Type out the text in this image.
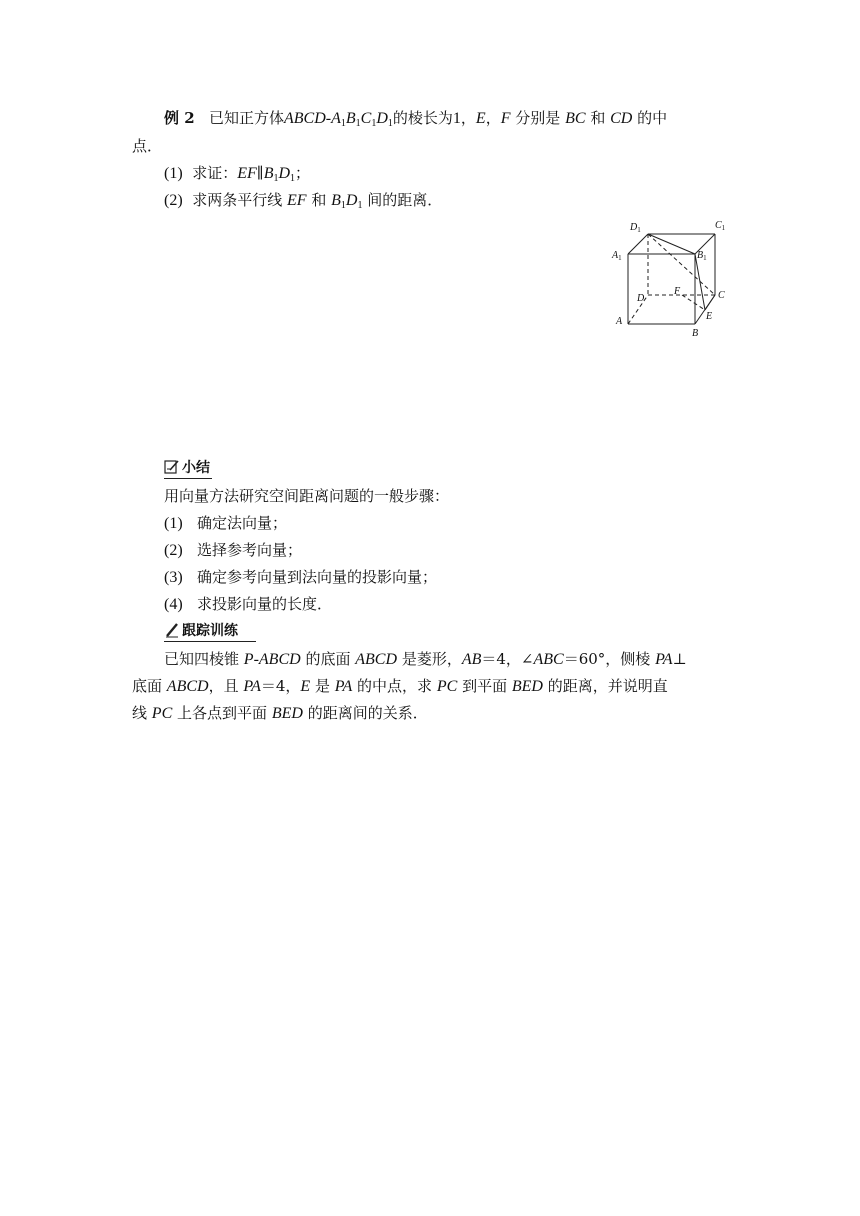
例 2 已知正方体ABCD-$A_1B_1C_1D_1$的棱长为1，E，F 分别是 BC 和 CD 的中
点．
(1) 求证：$EF\parallel B_1D_1$；
(2) 求两条平行线 EF 和 $B_1D_1$ 间的距离．
$D_1$	$C_1$
$A_1$	$B_1$
D
F	C
A	E
B
小结
用向量方法研究空间距离问题的一般步骤：
(1) 确定法向量；
(2) 选择参考向量；
(3) 确定参考向量到法向量的投影向量；
(4) 求投影向量的长度．
跟踪训练
已知四棱锥 P-ABCD 的底面 ABCD 是菱形，AB＝4，∠ABC＝60°，侧棱 PA⊥
底面 ABCD，且 PA＝4，E 是 PA 的中点，求 PC 到平面 BED 的距离，并说明直
线 PC 上各点到平面 BED 的距离间的关系．
